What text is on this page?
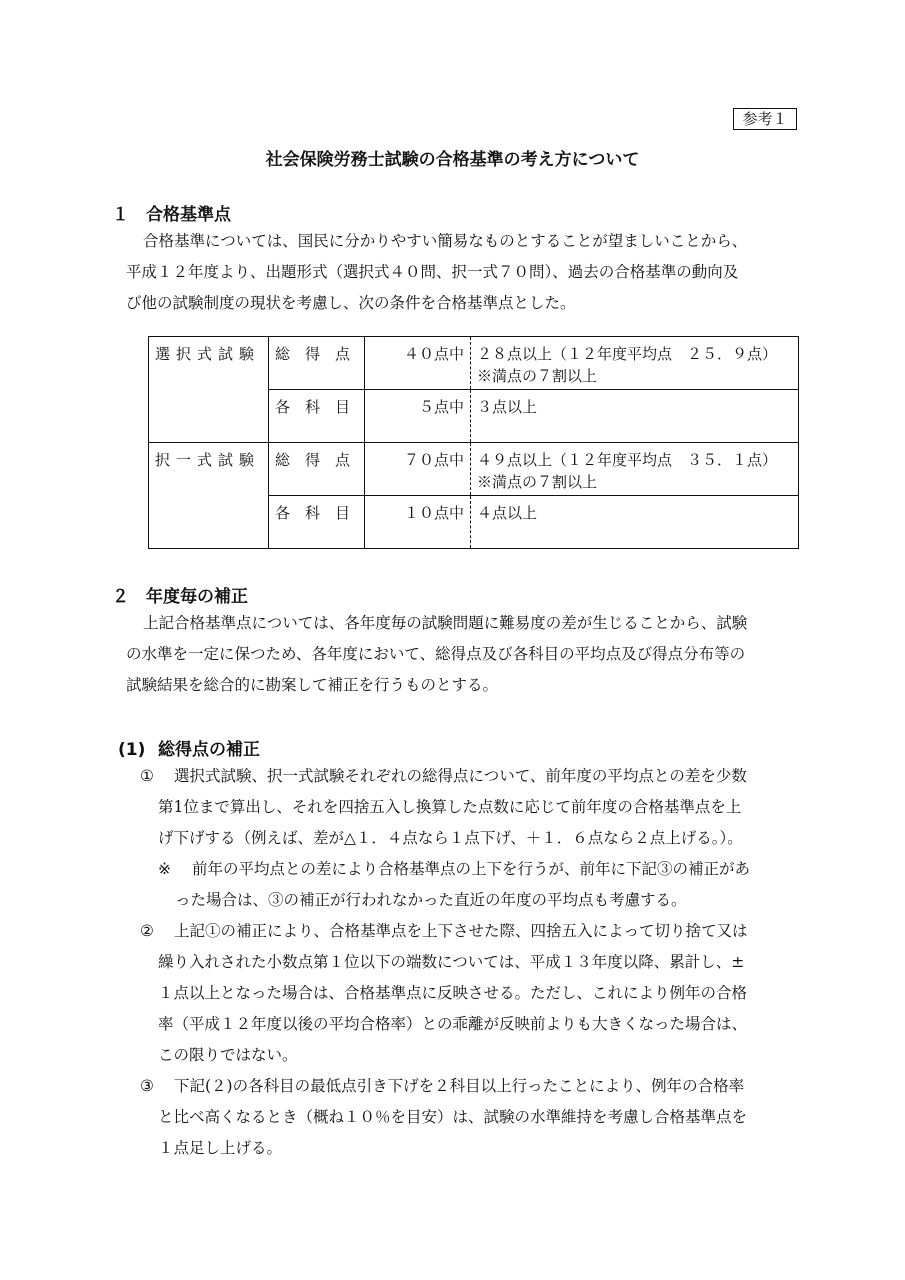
参考１
社会保険労務士試験の合格基準の考え方について
１ 合格基準点
合格基準については、国民に分かりやすい簡易なものとすることが望ましいことから、
平成１２年度より、出題形式（選択式４０問、択一式７０問）、過去の合格基準の動向及
び他の試験制度の現状を考慮し、次の条件を合格基準点とした。
選択式試験	総　得　点	４０点中	２８点以上（１２年度平均点　２５．９点）
※満点の７割以上

	各　科　目	５点中	３点以上

択一式試験	総　得　点	７０点中	４９点以上（１２年度平均点　３５．１点）
※満点の７割以上

	各　科　目	１０点中	４点以上
２ 年度毎の補正
上記合格基準点については、各年度毎の試験問題に難易度の差が生じることから、試験
の水準を一定に保つため、各年度において、総得点及び各科目の平均点及び得点分布等の
試験結果を総合的に勘案して補正を行うものとする。
(1) 総得点の補正
① 選択式試験、択一式試験それぞれの総得点について、前年度の平均点との差を少数
第1位まで算出し、それを四捨五入し換算した点数に応じて前年度の合格基準点を上
げ下げする（例えば、差が△１．４点なら１点下げ、＋１．６点なら２点上げる。）。
※ 前年の平均点との差により合格基準点の上下を行うが、前年に下記③の補正があ
った場合は、③の補正が行われなかった直近の年度の平均点も考慮する。
② 上記①の補正により、合格基準点を上下させた際、四捨五入によって切り捨て又は
繰り入れされた小数点第１位以下の端数については、平成１３年度以降、累計し、±
１点以上となった場合は、合格基準点に反映させる。ただし、これにより例年の合格
率（平成１２年度以後の平均合格率）との乖離が反映前よりも大きくなった場合は、
この限りではない。
③ 下記(２)の各科目の最低点引き下げを２科目以上行ったことにより、例年の合格率
と比べ高くなるとき（概ね１０％を目安）は、試験の水準維持を考慮し合格基準点を
１点足し上げる。
